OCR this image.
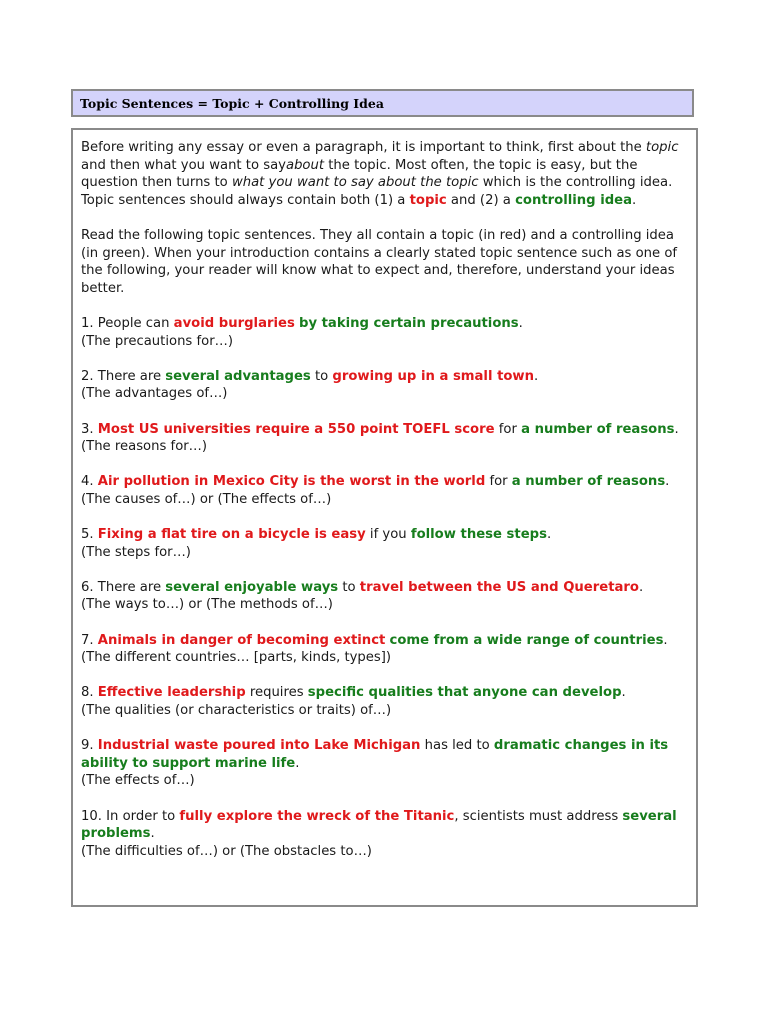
Topic Sentences = Topic + Controlling Idea

Before writing any essay or even a paragraph, it is important to think, first about the topic and then what you want to sayabout the topic. Most often, the topic is easy, but the question then turns to what you want to say about the topic which is the controlling idea. Topic sentences should always contain both (1) a topic and (2) a controlling idea.

Read the following topic sentences. They all contain a topic (in red) and a controlling idea (in green). When your introduction contains a clearly stated topic sentence such as one of the following, your reader will know what to expect and, therefore, understand your ideas better.

1. People can avoid burglaries by taking certain precautions.
(The precautions for…)
2. There are several advantages to growing up in a small town.
(The advantages of…)
3. Most US universities require a 550 point TOEFL score for a number of reasons.
(The reasons for…)
4. Air pollution in Mexico City is the worst in the world for a number of reasons.
(The causes of…) or (The effects of…)
5. Fixing a flat tire on a bicycle is easy if you follow these steps.
(The steps for…)
6. There are several enjoyable ways to travel between the US and Queretaro.
(The ways to…) or (The methods of…)
7. Animals in danger of becoming extinct come from a wide range of countries.
(The different countries… [parts, kinds, types])
8. Effective leadership requires specific qualities that anyone can develop.
(The qualities (or characteristics or traits) of…)
9. Industrial waste poured into Lake Michigan has led to dramatic changes in its ability to support marine life.
(The effects of…)
10. In order to fully explore the wreck of the Titanic, scientists must address several problems.
(The difficulties of…) or (The obstacles to…)
